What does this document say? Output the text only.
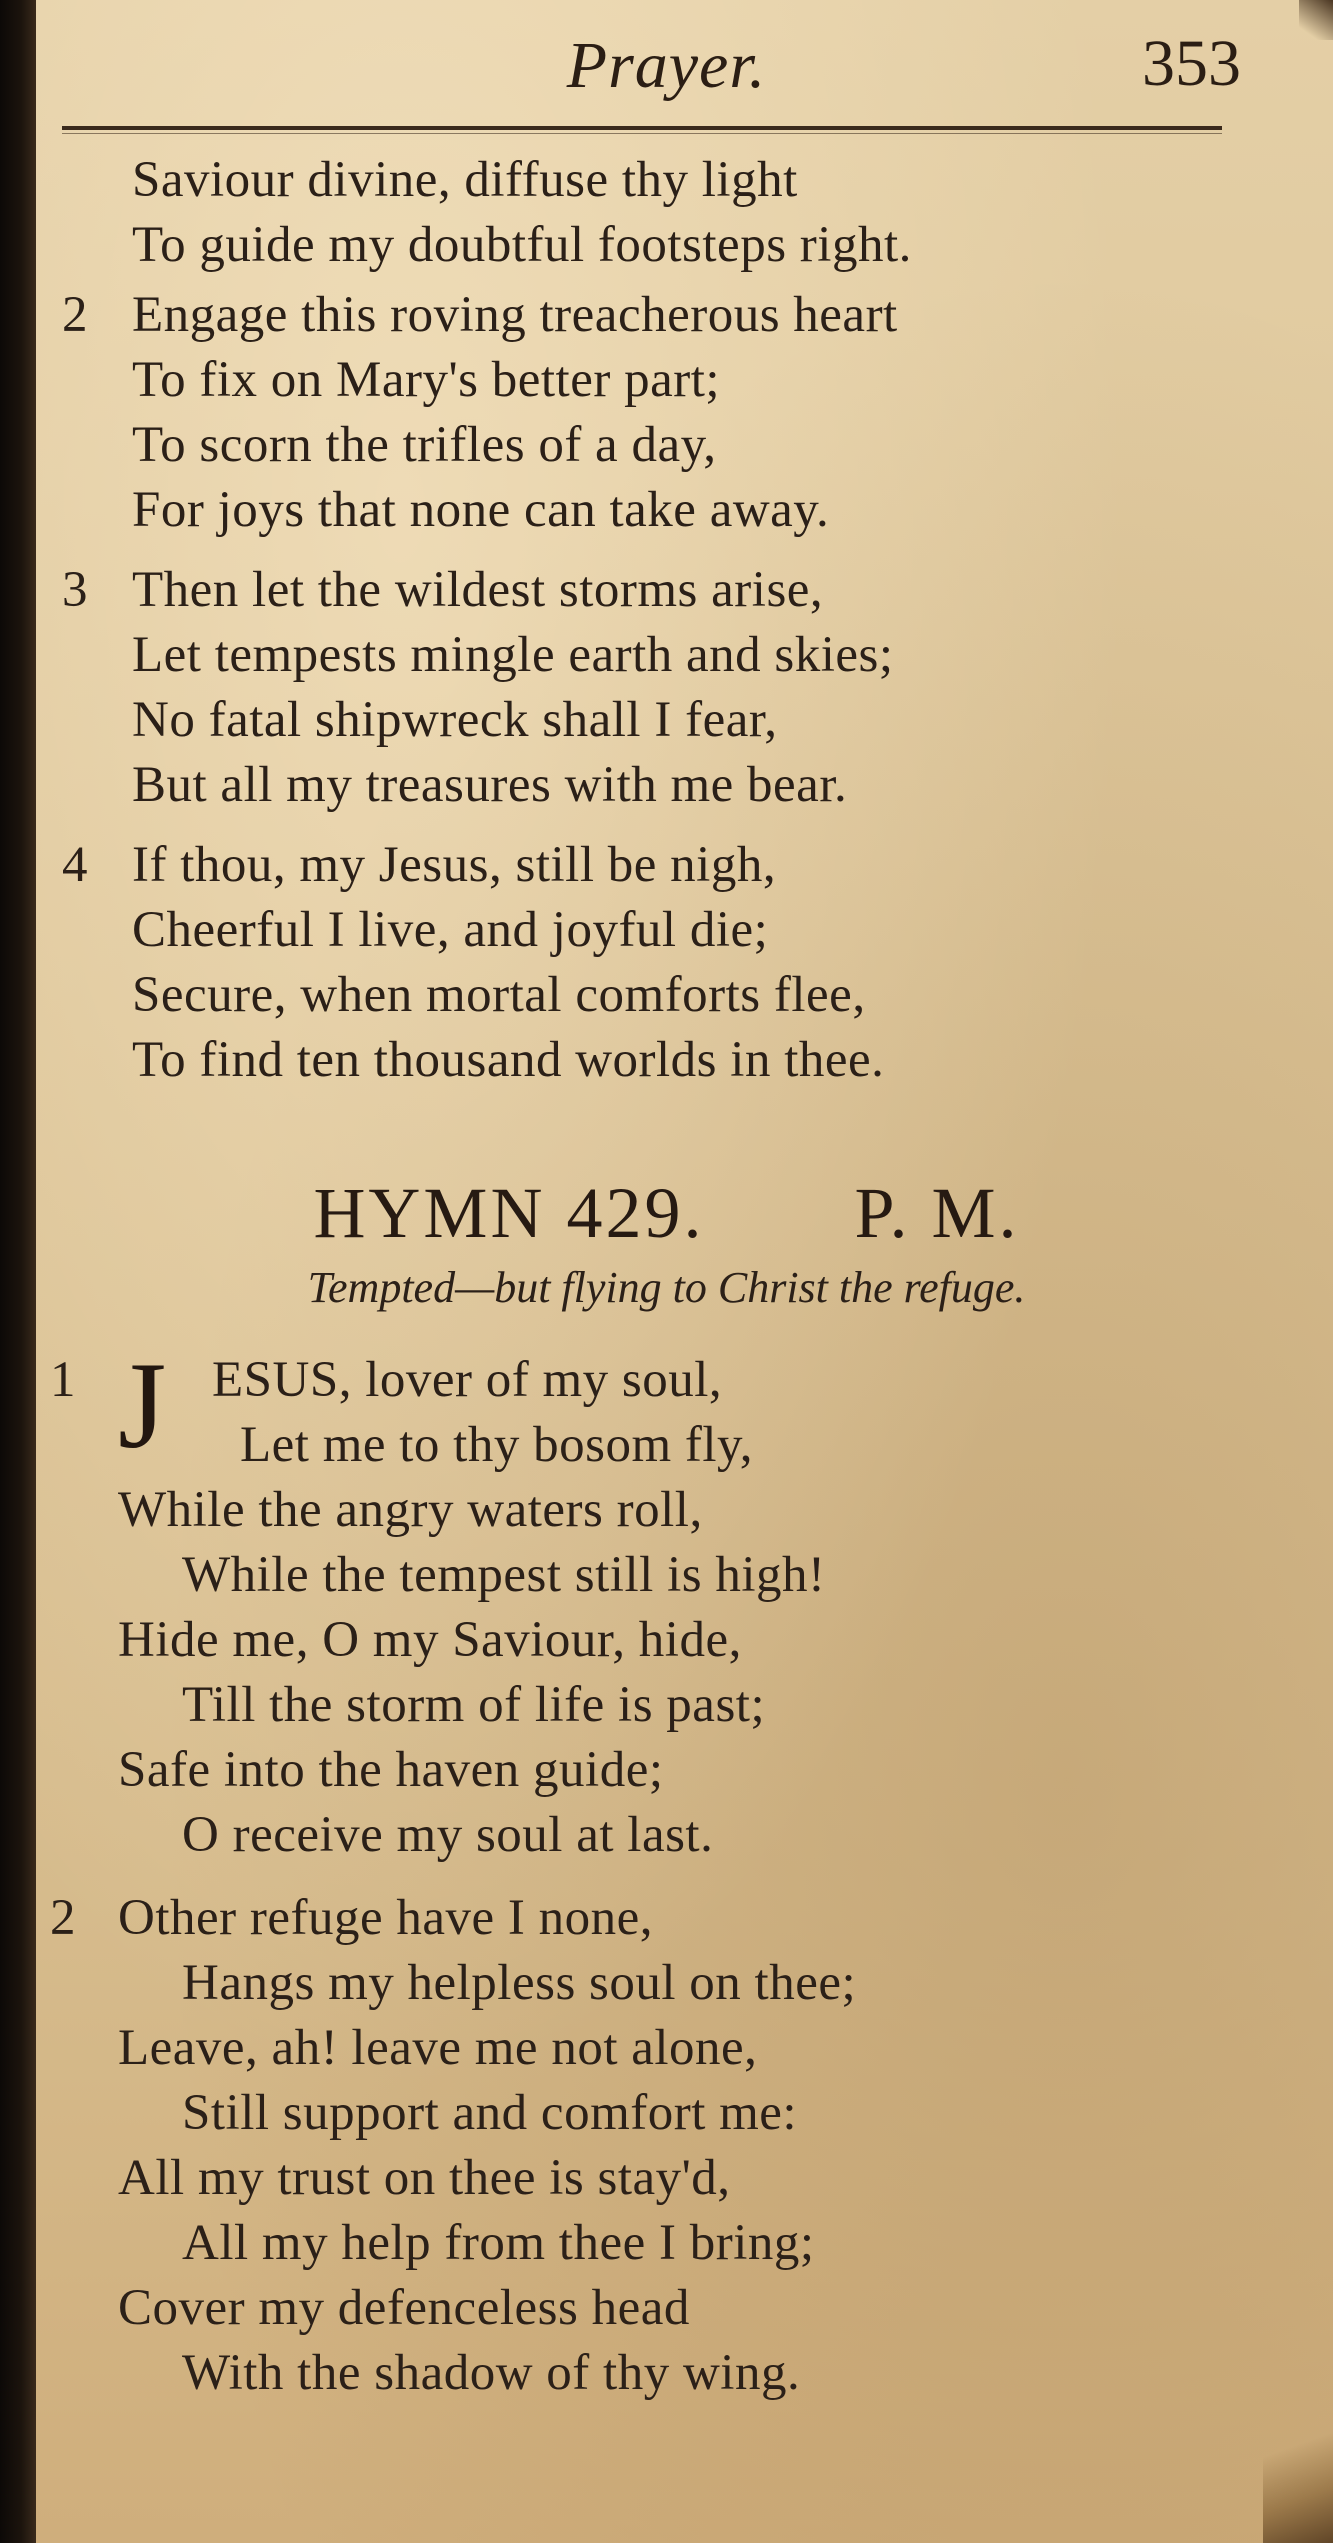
Prayer.	353
Saviour divine, diffuse thy light
To guide my doubtful footsteps right.
2 Engage this roving treacherous heart
To fix on Mary's better part;
To scorn the trifles of a day,
For joys that none can take away.
3 Then let the wildest storms arise,
Let tempests mingle earth and skies;
No fatal shipwreck shall I fear,
But all my treasures with me bear.
4 If thou, my Jesus, still be nigh,
Cheerful I live, and joyful die;
Secure, when mortal comforts flee,
To find ten thousand worlds in thee.
HYMN 429. P. M.
Tempted—but flying to Christ the refuge.
1 J ESUS, lover of my soul,
Let me to thy bosom fly,
While the angry waters roll,
While the tempest still is high!
Hide me, O my Saviour, hide,
Till the storm of life is past;
Safe into the haven guide;
O receive my soul at last.
2 Other refuge have I none,
Hangs my helpless soul on thee;
Leave, ah! leave me not alone,
Still support and comfort me:
All my trust on thee is stay'd,
All my help from thee I bring;
Cover my defenceless head
With the shadow of thy wing.
